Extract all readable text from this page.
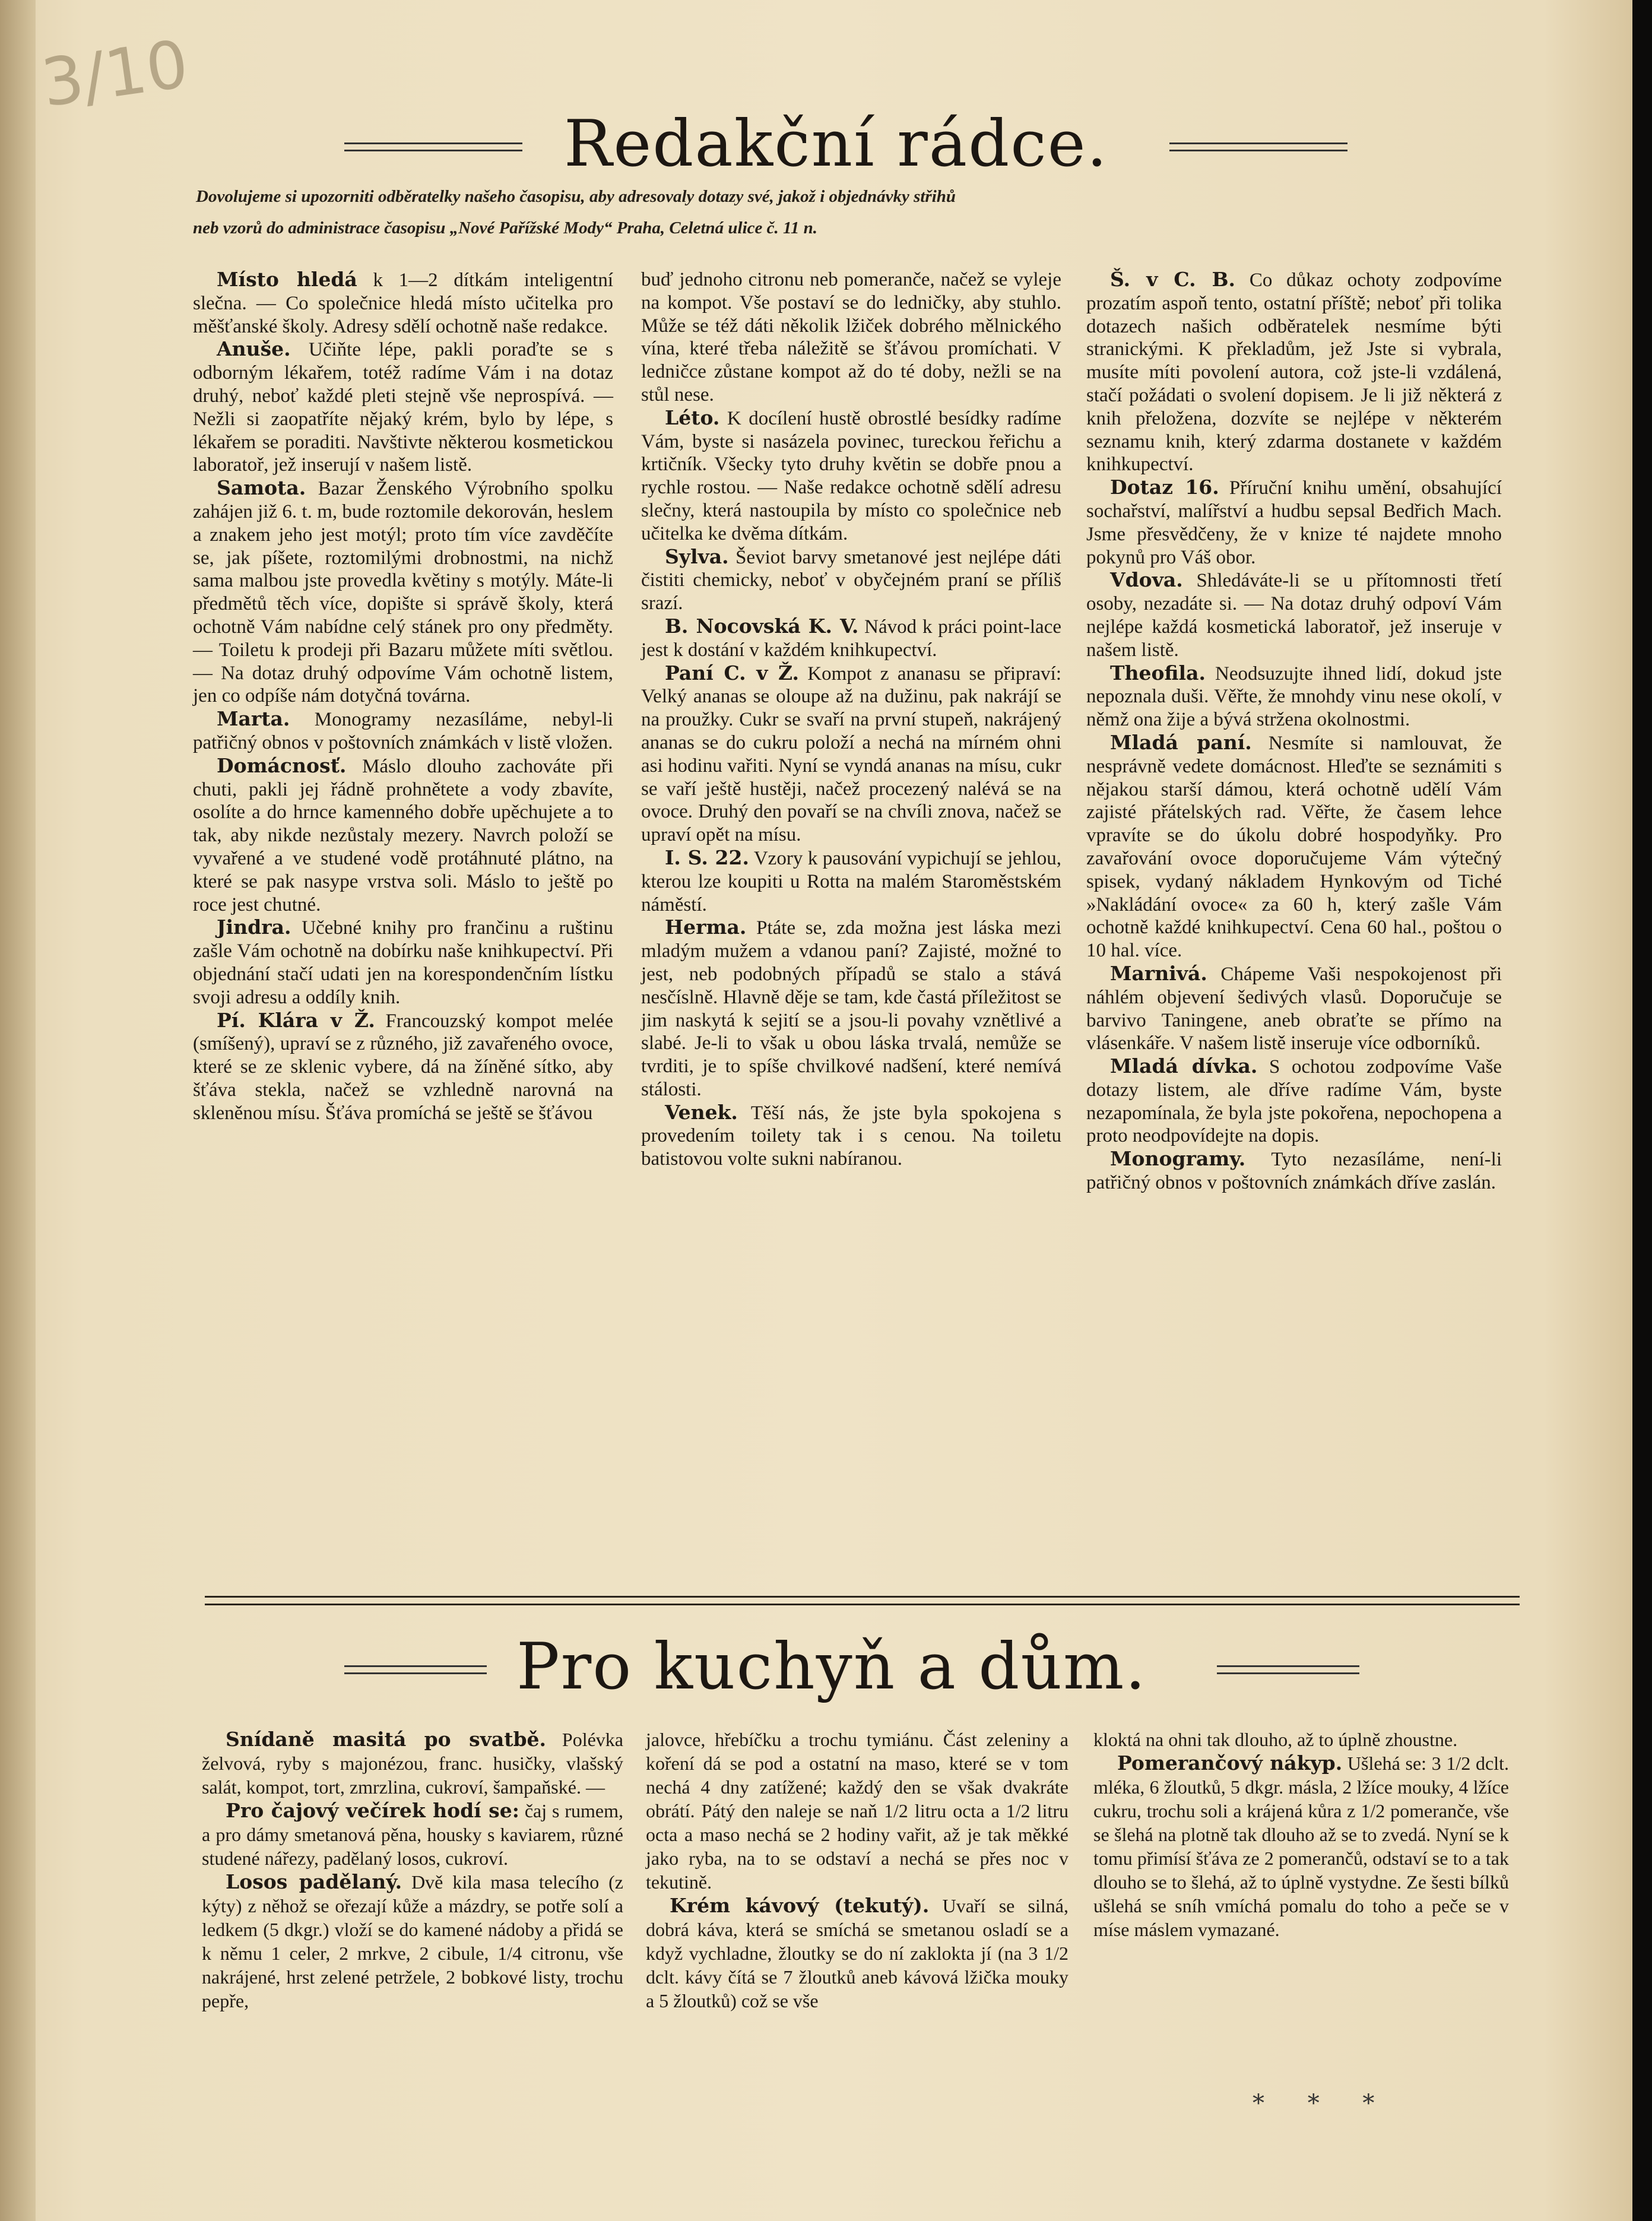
3/10
Redakční rádce.
Dovolujeme si upozorniti odběratelky našeho časopisu, aby adresovaly dotazy své, jakož i objednávky střihů
neb vzorů do administrace časopisu „Nové Pařížské Mody“ Praha, Celetná ulice č. 11 n.

Místo hledá k 1—2 dítkám inteligentní slečna. — Co společnice hledá místo učitelka pro měšťanské školy. Adresy sdělí ochotně naše redakce.

Anuše. Učiňte lépe, pakli poraďte se s odborným lékařem, totéž radíme Vám i na dotaz druhý, neboť každé pleti stejně vše neprospívá. — Nežli si zaopatříte nějaký krém, bylo by lépe, s lékařem se poraditi. Navštivte některou kosmetickou laboratoř, jež inserují v našem listě.

Samota. Bazar Ženského Výrobního spolku zahájen již 6. t. m, bude roztomile dekorován, heslem a znakem jeho jest motýl; proto tím více zavděčíte se, jak píšete, roztomilými drobnostmi, na nichž sama malbou jste provedla květiny s motýly. Máte-li předmětů těch více, dopište si správě školy, která ochotně Vám nabídne celý stánek pro ony předměty. — Toiletu k prodeji při Bazaru můžete míti světlou. — Na dotaz druhý odpovíme Vám ochotně listem, jen co odpíše nám dotyčná továrna.

Marta. Monogramy nezasíláme, nebyl-li patřičný obnos v poštovních známkách v listě vložen.

Domácnosť. Máslo dlouho zachováte při chuti, pakli jej řádně prohnětete a vody zbavíte, osolíte a do hrnce kamenného dobře upěchujete a to tak, aby nikde nezůstaly mezery. Navrch položí se vyvařené a ve studené vodě protáhnuté plátno, na které se pak nasype vrstva soli. Máslo to ještě po roce jest chutné.

Jindra. Učebné knihy pro frančinu a ruštinu zašle Vám ochotně na dobírku naše knihkupectví. Při objednání stačí udati jen na korespondenčním lístku svoji adresu a oddíly knih.

Pí. Klára v Ž. Francouzský kompot melée (smíšený), upraví se z různého, již zavařeného ovoce, které se ze sklenic vybere, dá na žíněné sítko, aby šťáva stekla, načež se vzhledně narovná na skleněnou mísu. Šťáva promíchá se ještě se šťávou

buď jednoho citronu neb pomeranče, načež se vyleje na kompot. Vše postaví se do ledničky, aby stuhlo. Může se též dáti několik lžiček dobrého mělnického vína, které třeba náležitě se šťávou promíchati. V ledničce zůstane kompot až do té doby, nežli se na stůl nese.

Léto. K docílení hustě obrostlé besídky radíme Vám, byste si nasázela povinec, tureckou řeřichu a krtičník. Všecky tyto druhy květin se dobře pnou a rychle rostou. — Naše redakce ochotně sdělí adresu slečny, která nastoupila by místo co společnice neb učitelka ke dvěma dítkám.

Sylva. Ševiot barvy smetanové jest nejlépe dáti čistiti chemicky, neboť v obyčejném praní se příliš srazí.

B. Nocovská K. V. Návod k práci point-lace jest k dostání v každém knihkupectví.

Paní C. v Ž. Kompot z ananasu se připraví: Velký ananas se oloupe až na dužinu, pak nakrájí se na proužky. Cukr se svaří na první stupeň, nakrájený ananas se do cukru položí a nechá na mírném ohni asi hodinu vařiti. Nyní se vyndá ananas na mísu, cukr se vaří ještě hustěji, načež procezený nalévá se na ovoce. Druhý den povaří se na chvíli znova, načež se upraví opět na mísu.

I. S. 22. Vzory k pausování vypichují se jehlou, kterou lze koupiti u Rotta na malém Staroměstském náměstí.

Herma. Ptáte se, zda možna jest láska mezi mladým mužem a vdanou paní? Zajisté, možné to jest, neb podobných případů se stalo a stává nesčíslně. Hlavně děje se tam, kde častá příležitost se jim naskytá k sejití se a jsou-li povahy vznětlivé a slabé. Je-li to však u obou láska trvalá, nemůže se tvrditi, je to spíše chvilkové nadšení, které nemívá stálosti.

Venek. Těší nás, že jste byla spokojena s provedením toilety tak i s cenou. Na toiletu batistovou volte sukni nabíranou.

Š. v C. B. Co důkaz ochoty zodpovíme prozatím aspoň tento, ostatní příště; neboť při tolika dotazech našich odběratelek nesmíme býti stranickými. K překladům, jež Jste si vybrala, musíte míti povolení autora, což jste-li vzdálená, stačí požádati o svolení dopisem. Je li již některá z knih přeložena, dozvíte se nejlépe v některém seznamu knih, který zdarma dostanete v každém knihkupectví.

Dotaz 16. Příruční knihu umění, obsahující sochařství, malířství a hudbu sepsal Bedřich Mach. Jsme přesvědčeny, že v knize té najdete mnoho pokynů pro Váš obor.

Vdova. Shledáváte-li se u přítomnosti třetí osoby, nezadáte si. — Na dotaz druhý odpoví Vám nejlépe každá kosmetická laboratoř, jež inseruje v našem listě.

Theofila. Neodsuzujte ihned lidí, dokud jste nepoznala duši. Věřte, že mnohdy vinu nese okolí, v němž ona žije a bývá stržena okolnostmi.

Mladá paní. Nesmíte si namlouvat, že nesprávně vedete domácnost. Hleďte se seznámiti s nějakou starší dámou, která ochotně udělí Vám zajisté přátelských rad. Věřte, že časem lehce vpravíte se do úkolu dobré hospodyňky. Pro zavařování ovoce doporučujeme Vám výtečný spisek, vydaný nákladem Hynkovým od Tiché »Nakládání ovoce« za 60 h, který zašle Vám ochotně každé knihkupectví. Cena 60 hal., poštou o 10 hal. více.

Marnivá. Chápeme Vaši nespokojenost při náhlém objevení šedivých vlasů. Doporučuje se barvivo Taningene, aneb obraťte se přímo na vlásenkáře. V našem listě inseruje více odborníků.

Mladá dívka. S ochotou zodpovíme Vaše dotazy listem, ale dříve radíme Vám, byste nezapomínala, že byla jste pokořena, nepochopena a proto neodpovídejte na dopis.

Monogramy. Tyto nezasíláme, není-li patřičný obnos v poštovních známkách dříve zaslán.

Pro kuchyň a dům.

Snídaně masitá po svatbě. Polévka želvová, ryby s majonézou, franc. husičky, vlašský salát, kompot, tort, zmrzlina, cukroví, šampaňské. —

Pro čajový večírek hodí se: čaj s rumem, a pro dámy smetanová pěna, housky s kaviarem, různé studené nářezy, padělaný losos, cukroví.

Losos padělaný. Dvě kila masa telecího (z kýty) z něhož se ořezají kůže a mázdry, se potře solí a ledkem (5 dkgr.) vloží se do kamené nádoby a přidá se k němu 1 celer, 2 mrkve, 2 cibule, 1/4 citronu, vše nakrájené, hrst zelené petržele, 2 bobkové listy, trochu pepře,

jalovce, hřebíčku a trochu tymiánu. Část zeleniny a koření dá se pod a ostatní na maso, které se v tom nechá 4 dny zatížené; každý den se však dvakráte obrátí. Pátý den naleje se naň 1/2 litru octa a 1/2 litru octa a maso nechá se 2 hodiny vařit, až je tak měkké jako ryba, na to se odstaví a nechá se přes noc v tekutině.

Krém kávový (tekutý). Uvaří se silná, dobrá káva, která se smíchá se smetanou osladí se a když vychladne, žloutky se do ní zaklokta jí (na 3 1/2 dclt. kávy čítá se 7 žloutků aneb kávová lžička mouky a 5 žloutků) což se vše

kloktá na ohni tak dlouho, až to úplně zhoustne.

Pomerančový nákyp. Ušlehá se: 3 1/2 dclt. mléka, 6 žloutků, 5 dkgr. másla, 2 lžíce mouky, 4 lžíce cukru, trochu soli a krájená kůra z 1/2 pomeranče, vše se šlehá na plotně tak dlouho až se to zvedá. Nyní se k tomu přimísí šťáva ze 2 pomerančů, odstaví se to a tak dlouho se to šlehá, až to úplně vystydne. Ze šesti bílků ušlehá se sníh vmíchá pomalu do toho a peče se v míse máslem vymazané.

* * *
